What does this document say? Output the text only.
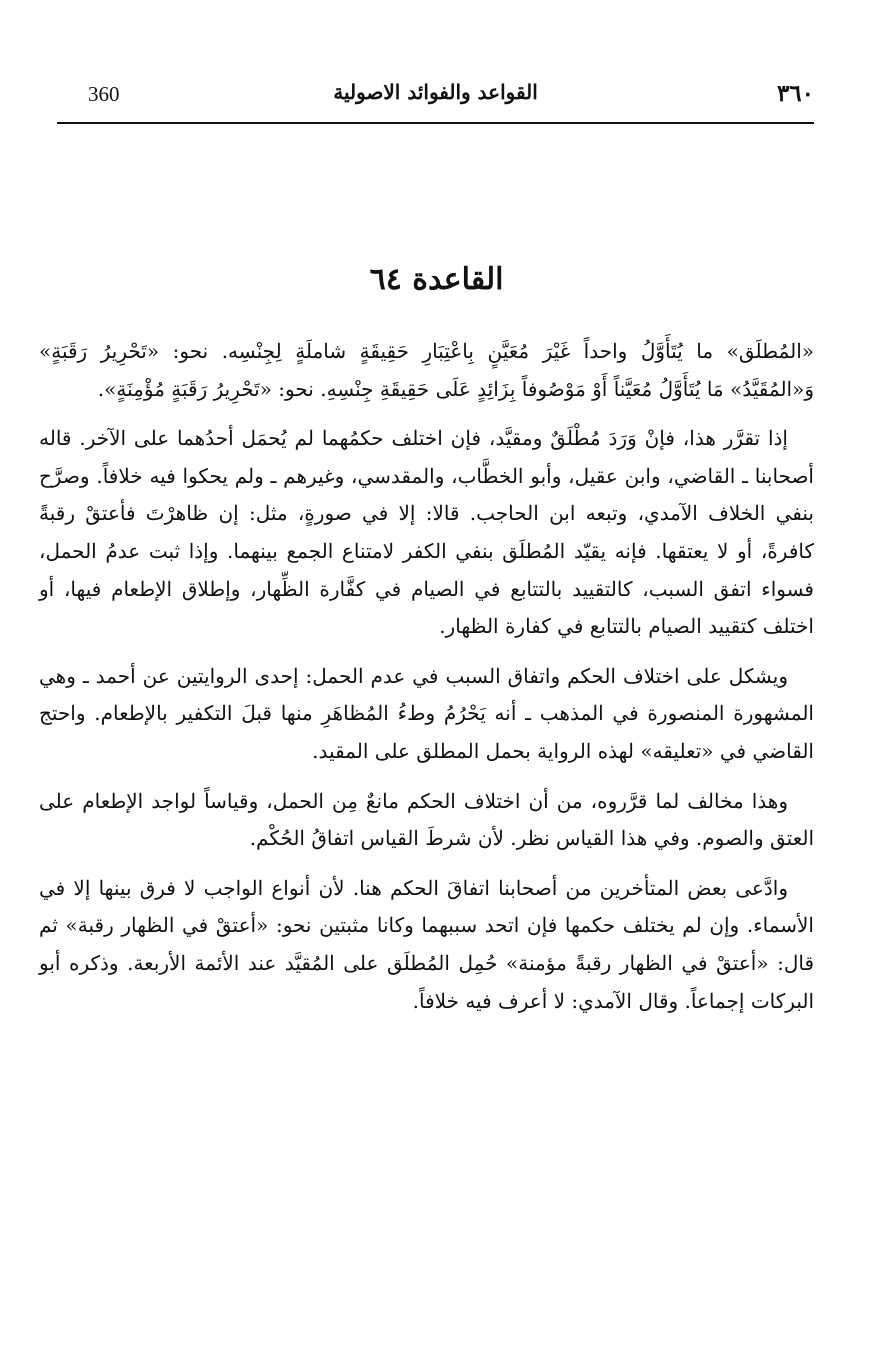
360	القواعد والفوائد الاصولية	٣٦٠
القاعدة ٦٤

«المُطلَق» ما يُتَأَوَّلُ واحداً غَيْرَ مُعَيَّنٍ بِاعْتِبَارِ حَقِيقَةٍ شاملَةٍ لِجِنْسِه. نحو: «تَحْرِيرُ رَقَبَةٍ» وَ«المُقَيَّدُ» مَا يُتَأَوَّلُ مُعَيَّناً أَوْ مَوْصُوفاً بِزَائِدٍ عَلَى حَقِيقَةِ جِنْسِهِ. نحو: «تَحْرِيرُ رَقَبَةٍ مُؤْمِنَةٍ».

إذا تقرَّر هذا، فإنْ وَرَدَ مُطْلَقٌ ومقيَّد، فإن اختلف حكمُهما لم يُحمَل أحدُهما على الآخر. قاله أصحابنا ـ القاضي، وابن عقيل، وأبو الخطَّاب، والمقدسي، وغيرهم ـ ولم يحكوا فيه خلافاً. وصرَّح بنفي الخلاف الآمدي، وتبعه ابن الحاجب. قالا: إلا في صورةٍ، مثل: إن ظاهرْتَ فأعتقْ رقبةً كافرةً، أو لا يعتقها. فإنه يقيّد المُطلَق بنفي الكفر لامتناع الجمع بينهما. وإذا ثبت عدمُ الحمل، فسواء اتفق السبب، كالتقييد بالتتابع في الصيام في كفَّارة الظِّهار، وإطلاق الإطعام فيها، أو اختلف كتقييد الصيام بالتتابع في كفارة الظهار.

ويشكل على اختلاف الحكم واتفاق السبب في عدم الحمل: إحدى الروايتين عن أحمد ـ وهي المشهورة المنصورة في المذهب ـ أنه يَحْرُمُ وطءُ المُظاهَرِ منها قبلَ التكفير بالإطعام. واحتج القاضي في «تعليقه» لهذه الرواية بحمل المطلق على المقيد.

وهذا مخالف لما قرَّروه، من أن اختلاف الحكم مانعٌ مِن الحمل، وقياساً لواجد الإطعام على العتق والصوم. وفي هذا القياس نظر. لأن شرطَ القياس اتفاقُ الحُكْم.

وادَّعى بعض المتأخرين من أصحابنا اتفاقَ الحكم هنا. لأن أنواع الواجب لا فرق بينها إلا في الأسماء. وإن لم يختلف حكمها فإن اتحد سببهما وكانا مثبتين نحو: «أعتقْ في الظهار رقبة» ثم قال: «أعتقْ في الظهار رقبةً مؤمنة» حُمِل المُطلَق على المُقيَّد عند الأئمة الأربعة. وذكره أبو البركات إجماعاً. وقال الآمدي: لا أعرف فيه خلافاً.
